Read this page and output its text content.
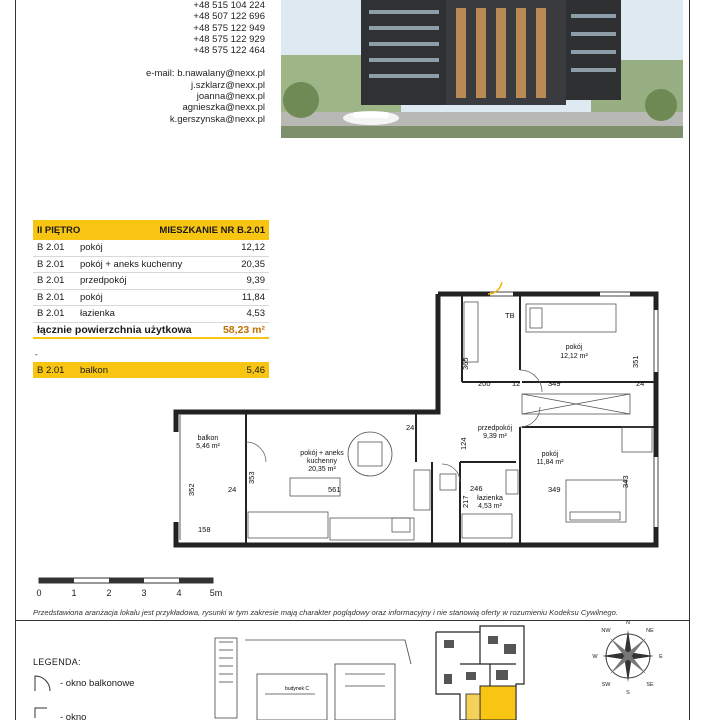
+48 515 104 224
+48 507 122 696
+48 575 122 949
+48 575 122 929
+48 575 122 464
e-mail: b.nawalany@nexx.pl
j.szklarz@nexx.pl
joanna@nexx.pl
agnieszka@nexx.pl
k.gerszynska@nexx.pl
II PIĘTRO	MIESZKANIE NR B.2.01
B 2.01	pokój	12,12
B 2.01	pokój + aneks kuchenny	20,35
B 2.01	przedpokój	9,39
B 2.01	pokój	11,84
B 2.01	łazienka	4,53
łącznie powierzchnia użytkowa	58,23 m²
-
B 2.01	balkon	5,46
pokój
12,12 m²
pokój + aneks
kuchenny
20,35 m²
przedpokój
9,39 m²
pokój
11,84 m²
łazienka
4,53 m²
balkon
5,46 m²
TB
200	12	349	24
351
365
124
246
217
561
353
352
158
349
343
24
24
0	1	2	3	4	5m
Przedstawiona aranżacja lokalu jest przykładowa, rysunki w tym zakresie mają charakter poglądowy oraz informacyjny i nie stanowią oferty w rozumieniu Kodeksu Cywilnego.
LEGENDA:
- okno balkonowe
- okno
budynek C
N
NE
E
SE
S
SW
W
NW
